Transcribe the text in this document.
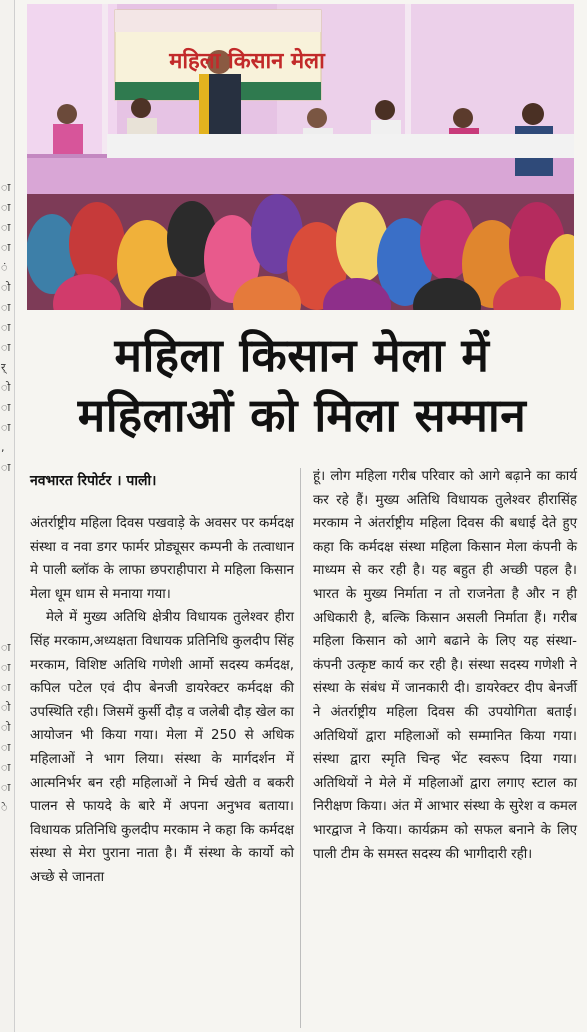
ा
ा
ा
ा
ं
ो
ा
ा
ा
र्
ो
ा
ा
,
ा
ा
ा
ा
ो
ो
ा
ा
ा
े
महिला किसान मेला
महिला किसान मेला में
महिलाओं को मिला सम्मान
नवभारत रिपोर्टर । पाली।

अंतर्राष्ट्रीय महिला दिवस पखवाड़े के अवसर पर कर्मदक्ष संस्था व नवा डगर फार्मर प्रोड्यूसर कम्पनी के तत्वाधान मे पाली ब्लॉक के लाफा छपराहीपारा मे महिला किसान मेला धूम धाम से मनाया गया।

मेले में मुख्य अतिथि क्षेत्रीय विधायक तुलेश्वर हीरा सिंह मरकाम,अध्यक्षता विधायक प्रतिनिधि कुलदीप सिंह मरकाम, विशिष्ट अतिथि गणेशी आर्मो सदस्य कर्मदक्ष, कपिल पटेल एवं दीप बेनजी डायरेक्टर कर्मदक्ष की उपस्थिति रही। जिसमें कुर्सी दौड़ व जलेबी दौड़ खेल का आयोजन भी किया गया। मेला में 250 से अधिक महिलाओं ने भाग लिया। संस्था के मार्गदर्शन में आत्मनिर्भर बन रही महिलाओं ने मिर्च खेती व बकरी पालन से फायदे के बारे में अपना अनुभव बताया। विधायक प्रतिनिधि कुलदीप मरकाम ने कहा कि कर्मदक्ष संस्था से मेरा पुराना नाता है। मैं संस्था के कार्यो को अच्छे से जानता

हूं। लोग महिला गरीब परिवार को आगे बढ़ाने का कार्य कर रहे हैं। मुख्य अतिथि विधायक तुलेश्वर हीरासिंह मरकाम ने अंतर्राष्ट्रीय महिला दिवस की बधाई देते हुए कहा कि कर्मदक्ष संस्था महिला किसान मेला कंपनी के माध्यम से कर रही है। यह बहुत ही अच्छी पहल है। भारत के मुख्य निर्माता न तो राजनेता है और न ही अधिकारी है, बल्कि किसान असली निर्माता हैं। गरीब महिला किसान को आगे बढाने के लिए यह संस्था-कंपनी उत्कृष्ट कार्य कर रही है। संस्था सदस्य गणेशी ने संस्था के संबंध में जानकारी दी। डायरेक्टर दीप बेनर्जी ने अंतर्राष्ट्रीय महिला दिवस की उपयोगिता बताई। अतिथियों द्वारा महिलाओं को सम्मानित किया गया। संस्था द्वारा स्मृति चिन्ह भेंट स्वरूप दिया गया। अतिथियों ने मेले में महिलाओं द्वारा लगाए स्टाल का निरीक्षण किया। अंत में आभार संस्था के सुरेश व कमल भारद्वाज ने किया। कार्यक्रम को सफल बनाने के लिए पाली टीम के समस्त सदस्य की भागीदारी रही।
